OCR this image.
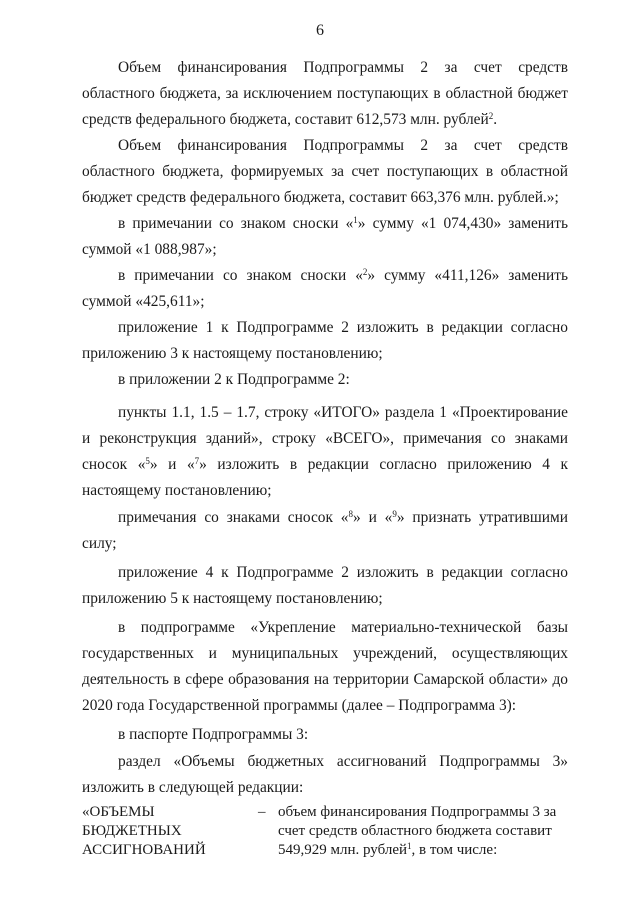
6

Объем финансирования Подпрограммы 2 за счет средств областного бюджета, за исключением поступающих в областной бюджет средств федерального бюджета, составит 612,573 млн. рублей$^2$.

Объем финансирования Подпрограммы 2 за счет средств областного бюджета, формируемых за счет поступающих в областной бюджет средств федерального бюджета, составит 663,376 млн. рублей.»;

в примечании со знаком сноски «$^1$» сумму «1 074,430» заменить суммой «1 088,987»;

в примечании со знаком сноски «$^2$» сумму «411,126» заменить суммой «425,611»;

приложение 1 к Подпрограмме 2 изложить в редакции согласно приложению 3 к настоящему постановлению;

в приложении 2 к Подпрограмме 2:

пункты 1.1, 1.5 – 1.7, строку «ИТОГО» раздела 1 «Проектирование и реконструкция зданий», строку «ВСЕГО», примечания со знаками сносок «$^5$» и «$^7$» изложить в редакции согласно приложению 4 к настоящему постановлению;

примечания со знаками сносок «$^8$» и «$^9$» признать утратившими силу;

приложение 4 к Подпрограмме 2 изложить в редакции согласно приложению 5 к настоящему постановлению;

в подпрограмме «Укрепление материально-технической базы государственных и муниципальных учреждений, осуществляющих деятельность в сфере образования на территории Самарской области» до 2020 года Государственной программы (далее – Подпрограмма 3):

в паспорте Подпрограммы 3:

раздел «Объемы бюджетных ассигнований Подпрограммы 3» изложить в следующей редакции:

«ОБЪЕМЫ
БЮДЖЕТНЫХ
АССИГНОВАНИЙ
– объем финансирования Подпрограммы 3 за счет средств областного бюджета составит 549,929 млн. рублей$^1$, в том числе:
